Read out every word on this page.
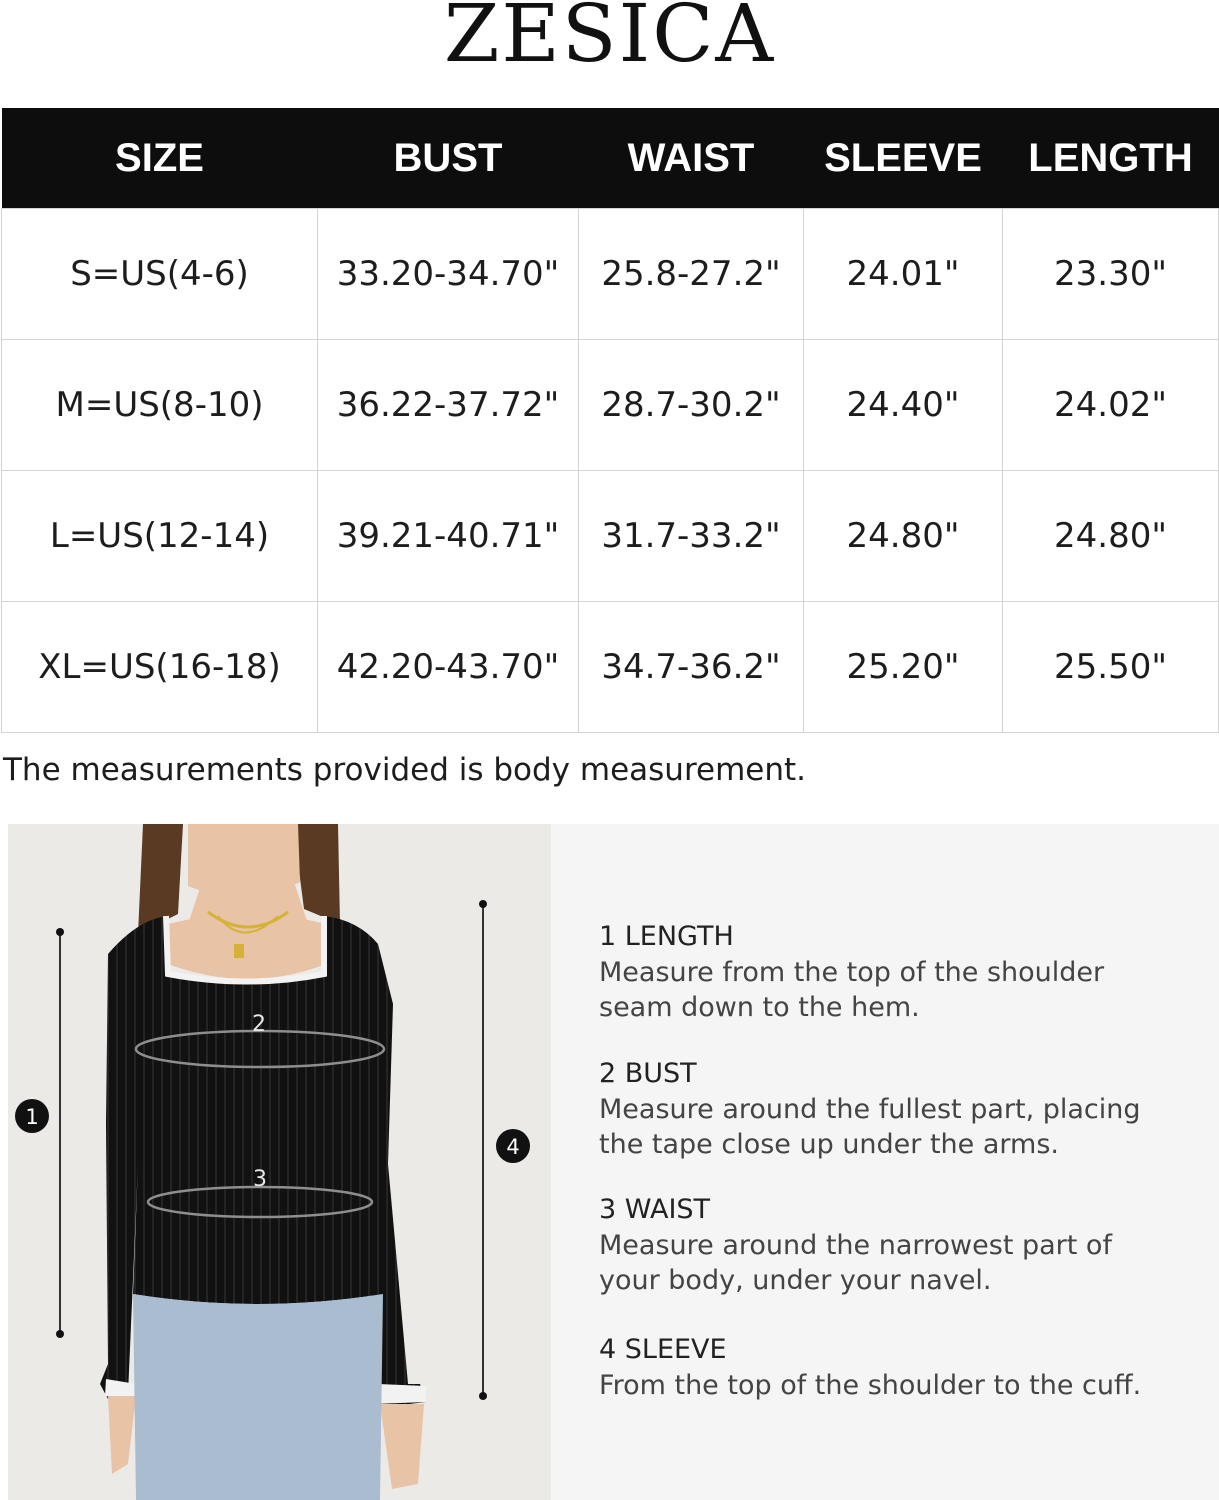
ZESICA
SIZE	BUST	WAIST	SLEEVE	LENGTH
S=US(4-6)	33.20-34.70"	25.8-27.2"	24.01"	23.30"
M=US(8-10)	36.22-37.72"	28.7-30.2"	24.40"	24.02"
L=US(12-14)	39.21-40.71"	31.7-33.2"	24.80"	24.80"
XL=US(16-18)	42.20-43.70"	34.7-36.2"	25.20"	25.50"
The measurements provided is body measurement.
1
4
2
3
1 LENGTH

Measure from the top of the shoulder

seam down to the hem.

2 BUST

Measure around the fullest part, placing

the tape close up under the arms.

3 WAIST

Measure around the narrowest part of

your body, under your navel.

4 SLEEVE

From the top of the shoulder to the cuff.
